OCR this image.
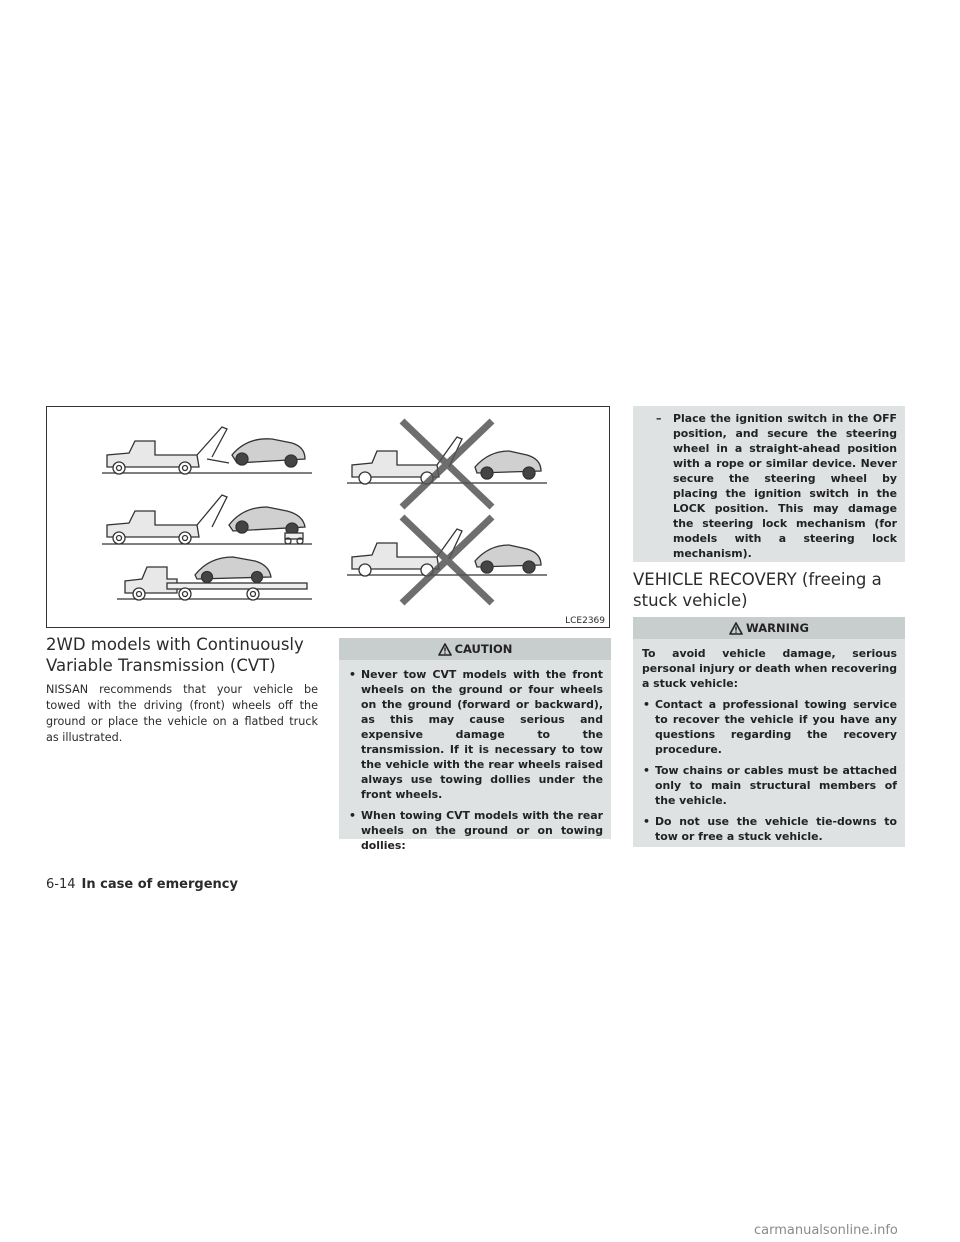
LCE2369
2WD models with Continuously
Variable Transmission (CVT)

NISSAN recommends that your vehicle be towed with the driving (front) wheels off the ground or place the vehicle on a flatbed truck as illustrated.

CAUTION
• Never tow CVT models with the front wheels on the ground or four wheels on the ground (forward or backward), as this may cause serious and expensive damage to the transmission. If it is necessary to tow the vehicle with the rear wheels raised always use towing dollies under the front wheels.
• When towing CVT models with the rear wheels on the ground or on towing dollies:
– Place the ignition switch in the OFF position, and secure the steering wheel in a straight-ahead position with a rope or similar device. Never secure the steering wheel by placing the ignition switch in the LOCK position. This may damage the steering lock mechanism (for models with a steering lock mechanism).
VEHICLE RECOVERY (freeing a
stuck vehicle)
WARNING

To avoid vehicle damage, serious personal injury or death when recovering a stuck vehicle:

• Contact a professional towing service to recover the vehicle if you have any questions regarding the recovery procedure.
• Tow chains or cables must be attached only to main structural members of the vehicle.
• Do not use the vehicle tie-downs to tow or free a stuck vehicle.
6-14 In case of emergency
carmanualsonline.info
